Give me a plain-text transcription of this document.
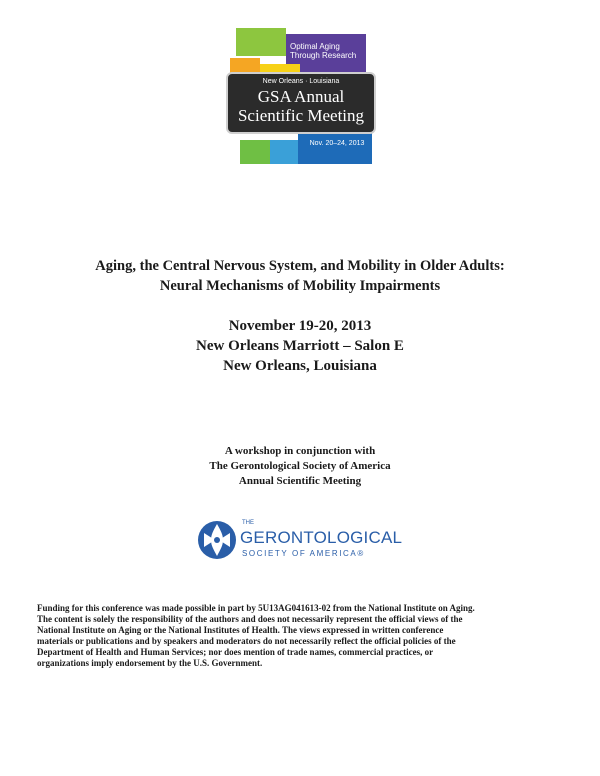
Optimal Aging Through Research
New Orleans · Louisiana
GSA Annual
Scientific Meeting
Nov. 20–24, 2013
Aging, the Central Nervous System, and Mobility in Older Adults:
Neural Mechanisms of Mobility Impairments
November 19-20, 2013
New Orleans Marriott – Salon E
New Orleans, Louisiana
A workshop in conjunction with
The Gerontological Society of America
Annual Scientific Meeting
THE
GERONTOLOGICAL
SOCIETY OF AMERICA®
Funding for this conference was made possible in part by 5U13AG041613-02 from the National Institute on Aging.
The content is solely the responsibility of the authors and does not necessarily represent the official views of the
National Institute on Aging or the National Institutes of Health. The views expressed in written conference
materials or publications and by speakers and moderators do not necessarily reflect the official policies of the
Department of Health and Human Services; nor does mention of trade names, commercial practices, or
organizations imply endorsement by the U.S. Government.
